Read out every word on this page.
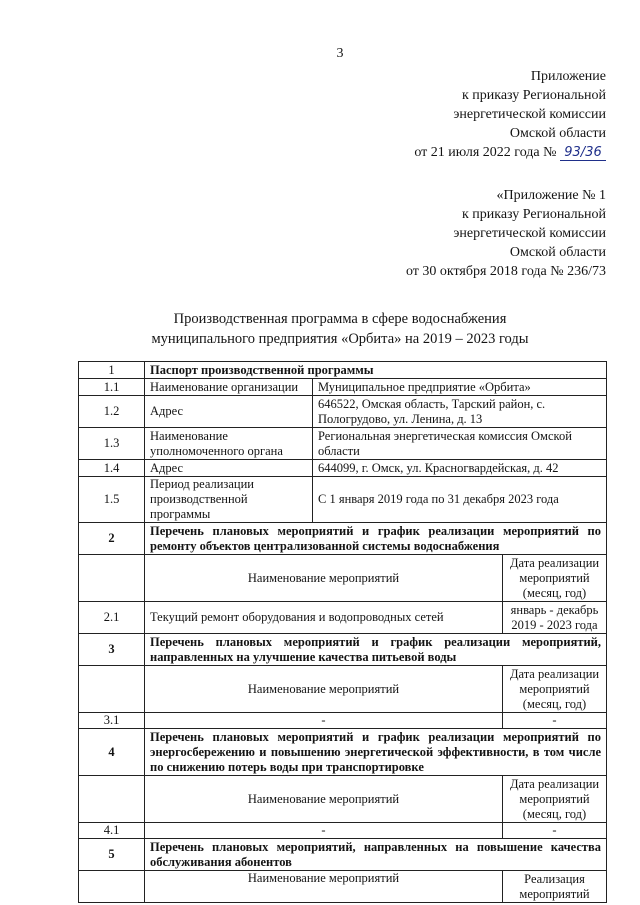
3
Приложение
к приказу Региональной
энергетической комиссии
Омской области
от 21 июля 2022 года № 93/36
«Приложение № 1
к приказу Региональной
энергетической комиссии
Омской области
от 30 октября 2018 года № 236/73
Производственная программа в сфере водоснабжения
муниципального предприятия «Орбита» на 2019 – 2023 годы
1	Паспорт производственной программы		
1.1	Наименование организации	Муниципальное предприятие «Орбита»	
1.2	Адрес	646522, Омская область, Тарский район, с. Пологрудово, ул. Ленина, д. 13	
1.3	Наименование уполномоченного органа	Региональная энергетическая комиссия Омской области	
1.4	Адрес	644099, г. Омск, ул. Красногвардейская, д. 42	
1.5	Период реализации производственной программы	С 1 января 2019 года по 31 декабря 2023 года	
2	Перечень плановых мероприятий и график реализации мероприятий по ремонту объектов централизованной системы водоснабжения		
	Наименование мероприятий		Дата реализации мероприятий (месяц, год)
2.1	Текущий ремонт оборудования и водопроводных сетей		январь - декабрь 2019 - 2023 года
3	Перечень плановых мероприятий и график реализации мероприятий, направленных на улучшение качества питьевой воды		
	Наименование мероприятий		Дата реализации мероприятий (месяц, год)
3.1	-		-
4	Перечень плановых мероприятий и график реализации мероприятий по энергосбережению и повышению энергетической эффективности, в том числе по снижению потерь воды при транспортировке		
	Наименование мероприятий		Дата реализации мероприятий (месяц, год)
4.1	-		-
5	Перечень плановых мероприятий, направленных на повышение качества обслуживания абонентов		
	Наименование мероприятий		Реализация мероприятий
